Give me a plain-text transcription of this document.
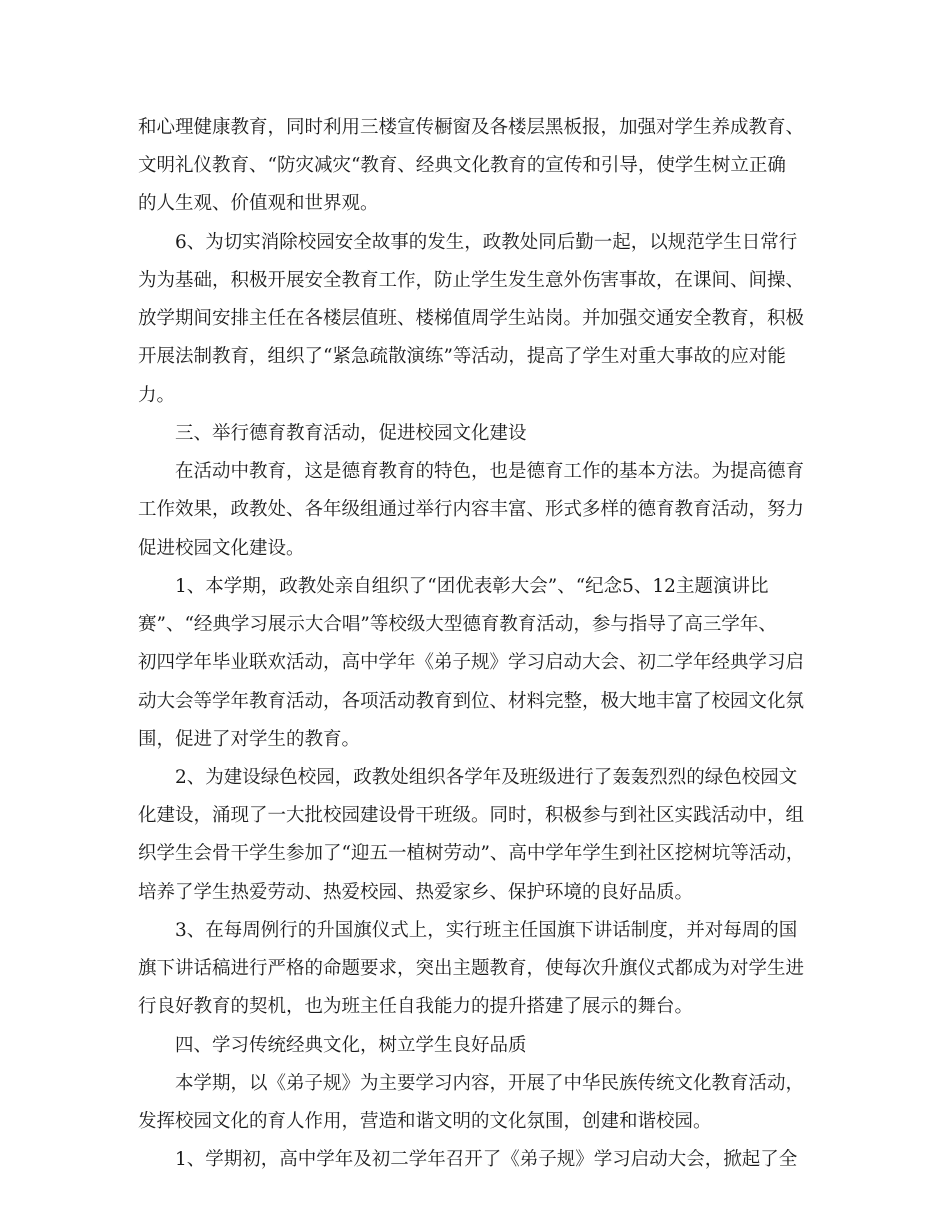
和心理健康教育，同时利用三楼宣传橱窗及各楼层黑板报，加强对学生养成教育、
文明礼仪教育、“防灾减灾“教育、经典文化教育的宣传和引导，使学生树立正确
的人生观、价值观和世界观。
6、为切实消除校园安全故事的发生，政教处同后勤一起，以规范学生日常行
为为基础，积极开展安全教育工作，防止学生发生意外伤害事故，在课间、间操、
放学期间安排主任在各楼层值班、楼梯值周学生站岗。并加强交通安全教育，积极
开展法制教育，组织了“紧急疏散演练”等活动，提高了学生对重大事故的应对能
力。
三、举行德育教育活动，促进校园文化建设
在活动中教育，这是德育教育的特色，也是德育工作的基本方法。为提高德育
工作效果，政教处、各年级组通过举行内容丰富、形式多样的德育教育活动，努力
促进校园文化建设。
1、本学期，政教处亲自组织了“团优表彰大会”、“纪念5、12主题演讲比
赛”、“经典学习展示大合唱”等校级大型德育教育活动，参与指导了高三学年、
初四学年毕业联欢活动，高中学年《弟子规》学习启动大会、初二学年经典学习启
动大会等学年教育活动，各项活动教育到位、材料完整，极大地丰富了校园文化氛
围，促进了对学生的教育。
2、为建设绿色校园，政教处组织各学年及班级进行了轰轰烈烈的绿色校园文
化建设，涌现了一大批校园建设骨干班级。同时，积极参与到社区实践活动中，组
织学生会骨干学生参加了“迎五一植树劳动”、高中学年学生到社区挖树坑等活动，
培养了学生热爱劳动、热爱校园、热爱家乡、保护环境的良好品质。
3、在每周例行的升国旗仪式上，实行班主任国旗下讲话制度，并对每周的国
旗下讲话稿进行严格的命题要求，突出主题教育，使每次升旗仪式都成为对学生进
行良好教育的契机，也为班主任自我能力的提升搭建了展示的舞台。
四、学习传统经典文化，树立学生良好品质
本学期，以《弟子规》为主要学习内容，开展了中华民族传统文化教育活动，
发挥校园文化的育人作用，营造和谐文明的文化氛围，创建和谐校园。
1、学期初，高中学年及初二学年召开了《弟子规》学习启动大会，掀起了全
